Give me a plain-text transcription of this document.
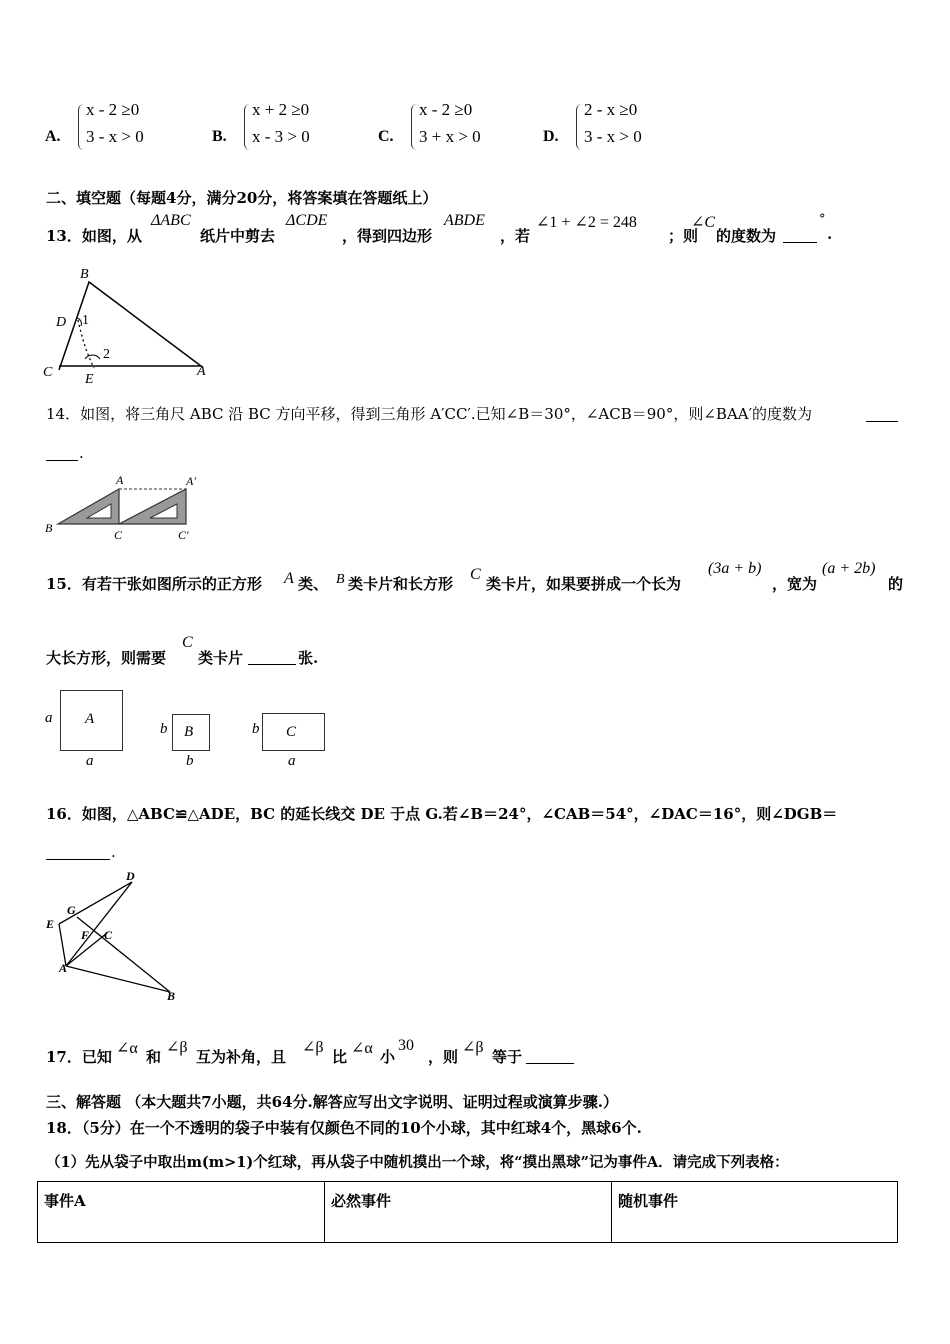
A.
x - 2 ≥0
3 - x > 0	B.
x + 2 ≥0
x - 3 > 0	C.
x - 2 ≥0
3 + x > 0	D.
2 - x ≥0
3 - x > 0
二、填空题（每题4分，满分20分，将答案填在答题纸上）
13．如图，从
ΔABC
纸片中剪去
ΔCDE
，得到四边形
ABDE
，若
∠1 + ∠2 = 248
；则
∠C
的度数为
°
.
B
D 1
2
C E
A
14．如图，将三角尺 ABC 沿 BC 方向平移，得到三角形 A′CC′.已知∠B＝30°，∠ACB＝90°，则∠BAA′的度数为
.
A	A′
B	C	C′
15．有若干张如图所示的正方形 A 类、 B 类卡片和长方形
C
类卡片，如果要拼成一个长为
(3a + b)
，宽为
(a + 2b)
的
大长方形，则需要
C
类卡片	张.
a A
a
b B
b
b C
a
16．如图，△ABC≌△ADE，BC 的延长线交 DE 于点 G.若∠B＝24°，∠CAB＝54°，∠DAC＝16°，则∠DGB＝
.
D
G
E
F C
A
B
17．已知 ∠α 和
∠β
互为补角，且
∠β
比 ∠α 小
30
，则
∠β
等于
三、解答题 （本大题共7小题，共64分.解答应写出文字说明、证明过程或演算步骤.）
18．（5分）在一个不透明的袋子中装有仅颜色不同的10个小球，其中红球4个，黑球6个.
（1）先从袋子中取出m(m>1)个红球，再从袋子中随机摸出一个球，将“摸出黑球”记为事件A．请完成下列表格：
事件A	必然事件	随机事件
